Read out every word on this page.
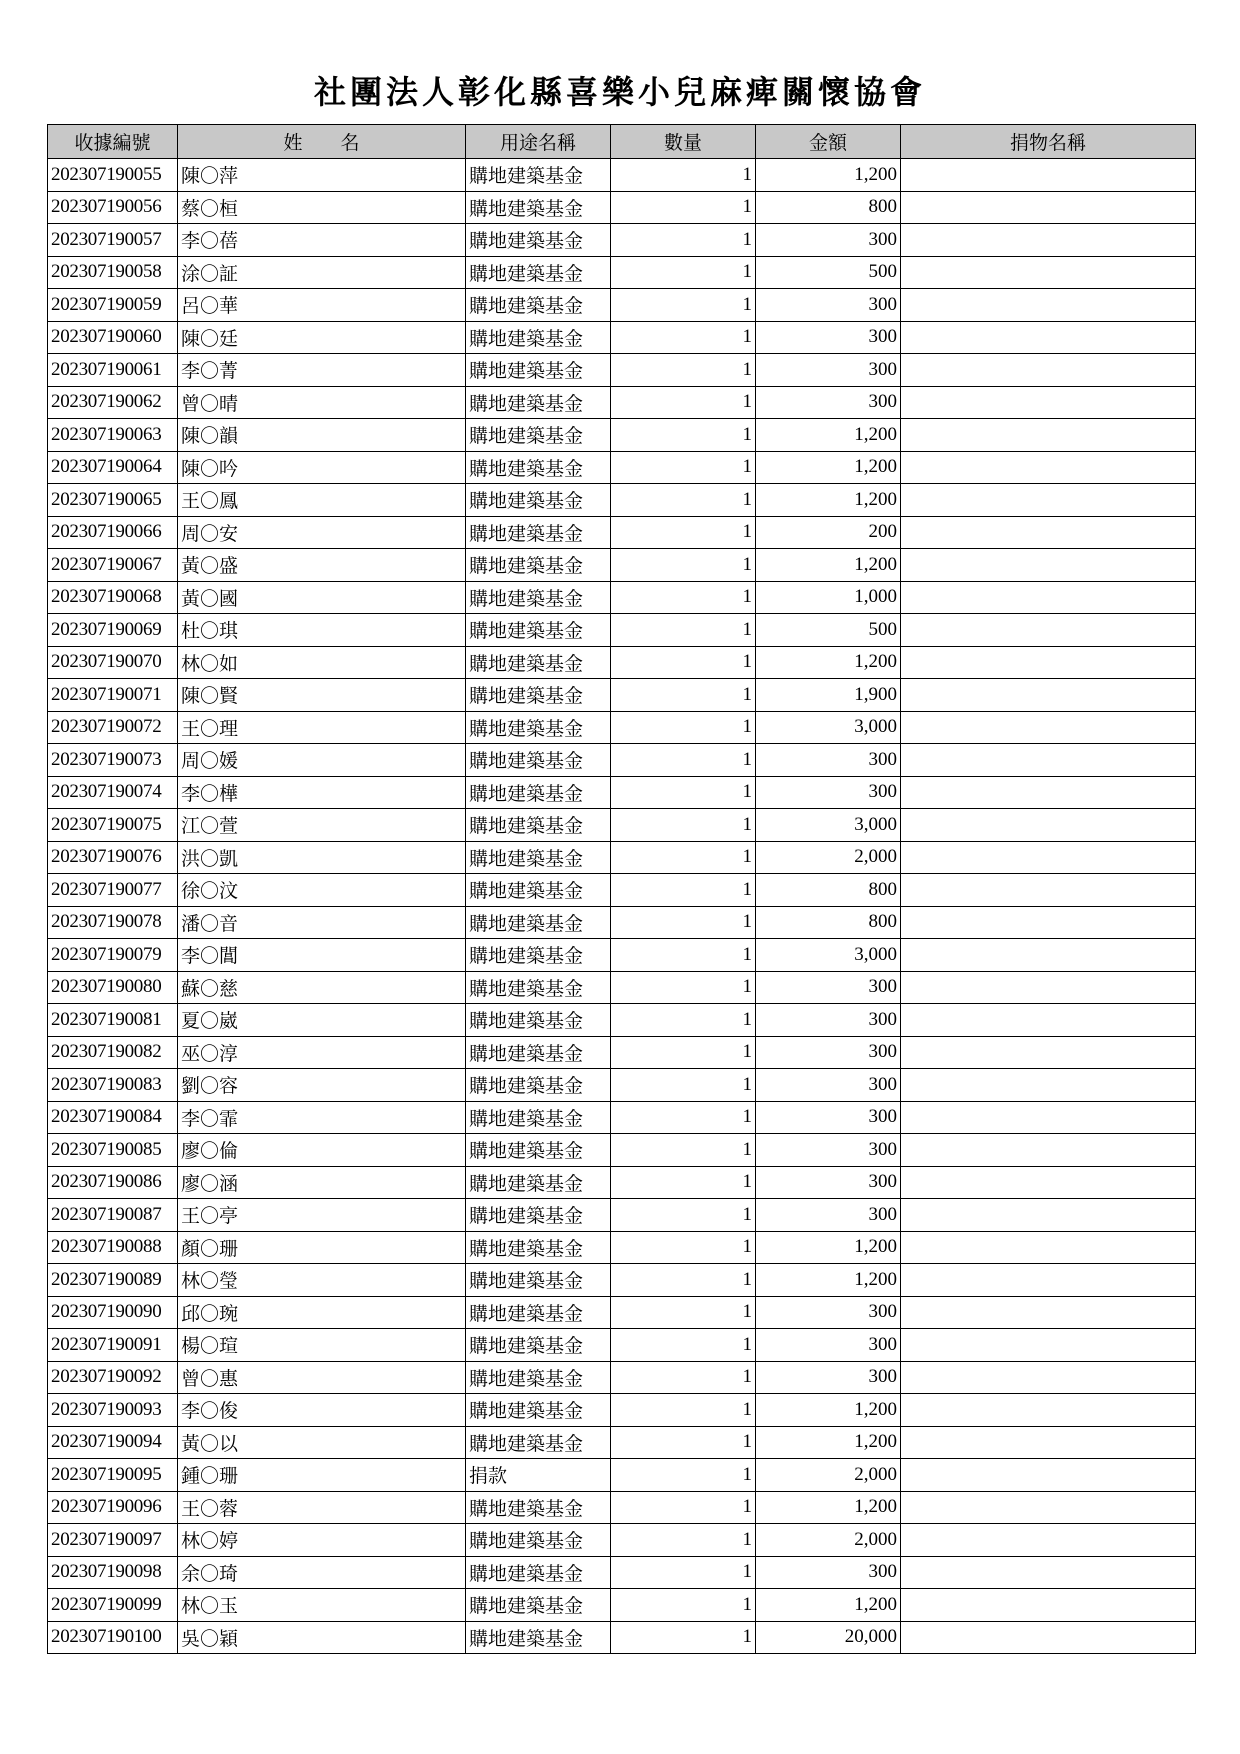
社團法人彰化縣喜樂小兒麻痺關懷協會
收據編號	姓　　名	用途名稱	數量	金額	捐物名稱
202307190055	陳〇萍	購地建築基金	1	1,200	
202307190056	蔡〇桓	購地建築基金	1	800	
202307190057	李〇蓓	購地建築基金	1	300	
202307190058	涂〇証	購地建築基金	1	500	
202307190059	呂〇華	購地建築基金	1	300	
202307190060	陳〇廷	購地建築基金	1	300	
202307190061	李〇菁	購地建築基金	1	300	
202307190062	曾〇晴	購地建築基金	1	300	
202307190063	陳〇韻	購地建築基金	1	1,200	
202307190064	陳〇吟	購地建築基金	1	1,200	
202307190065	王〇鳳	購地建築基金	1	1,200	
202307190066	周〇安	購地建築基金	1	200	
202307190067	黃〇盛	購地建築基金	1	1,200	
202307190068	黃〇國	購地建築基金	1	1,000	
202307190069	杜〇琪	購地建築基金	1	500	
202307190070	林〇如	購地建築基金	1	1,200	
202307190071	陳〇賢	購地建築基金	1	1,900	
202307190072	王〇理	購地建築基金	1	3,000	
202307190073	周〇媛	購地建築基金	1	300	
202307190074	李〇樺	購地建築基金	1	300	
202307190075	江〇萱	購地建築基金	1	3,000	
202307190076	洪〇凱	購地建築基金	1	2,000	
202307190077	徐〇汶	購地建築基金	1	800	
202307190078	潘〇音	購地建築基金	1	800	
202307190079	李〇閶	購地建築基金	1	3,000	
202307190080	蘇〇慈	購地建築基金	1	300	
202307190081	夏〇崴	購地建築基金	1	300	
202307190082	巫〇淳	購地建築基金	1	300	
202307190083	劉〇容	購地建築基金	1	300	
202307190084	李〇霏	購地建築基金	1	300	
202307190085	廖〇倫	購地建築基金	1	300	
202307190086	廖〇涵	購地建築基金	1	300	
202307190087	王〇亭	購地建築基金	1	300	
202307190088	顏〇珊	購地建築基金	1	1,200	
202307190089	林〇瑩	購地建築基金	1	1,200	
202307190090	邱〇琬	購地建築基金	1	300	
202307190091	楊〇瑄	購地建築基金	1	300	
202307190092	曾〇惠	購地建築基金	1	300	
202307190093	李〇俊	購地建築基金	1	1,200	
202307190094	黃〇以	購地建築基金	1	1,200	
202307190095	鍾〇珊	捐款	1	2,000	
202307190096	王〇蓉	購地建築基金	1	1,200	
202307190097	林〇婷	購地建築基金	1	2,000	
202307190098	余〇琦	購地建築基金	1	300	
202307190099	林〇玉	購地建築基金	1	1,200	
202307190100	吳〇穎	購地建築基金	1	20,000	
